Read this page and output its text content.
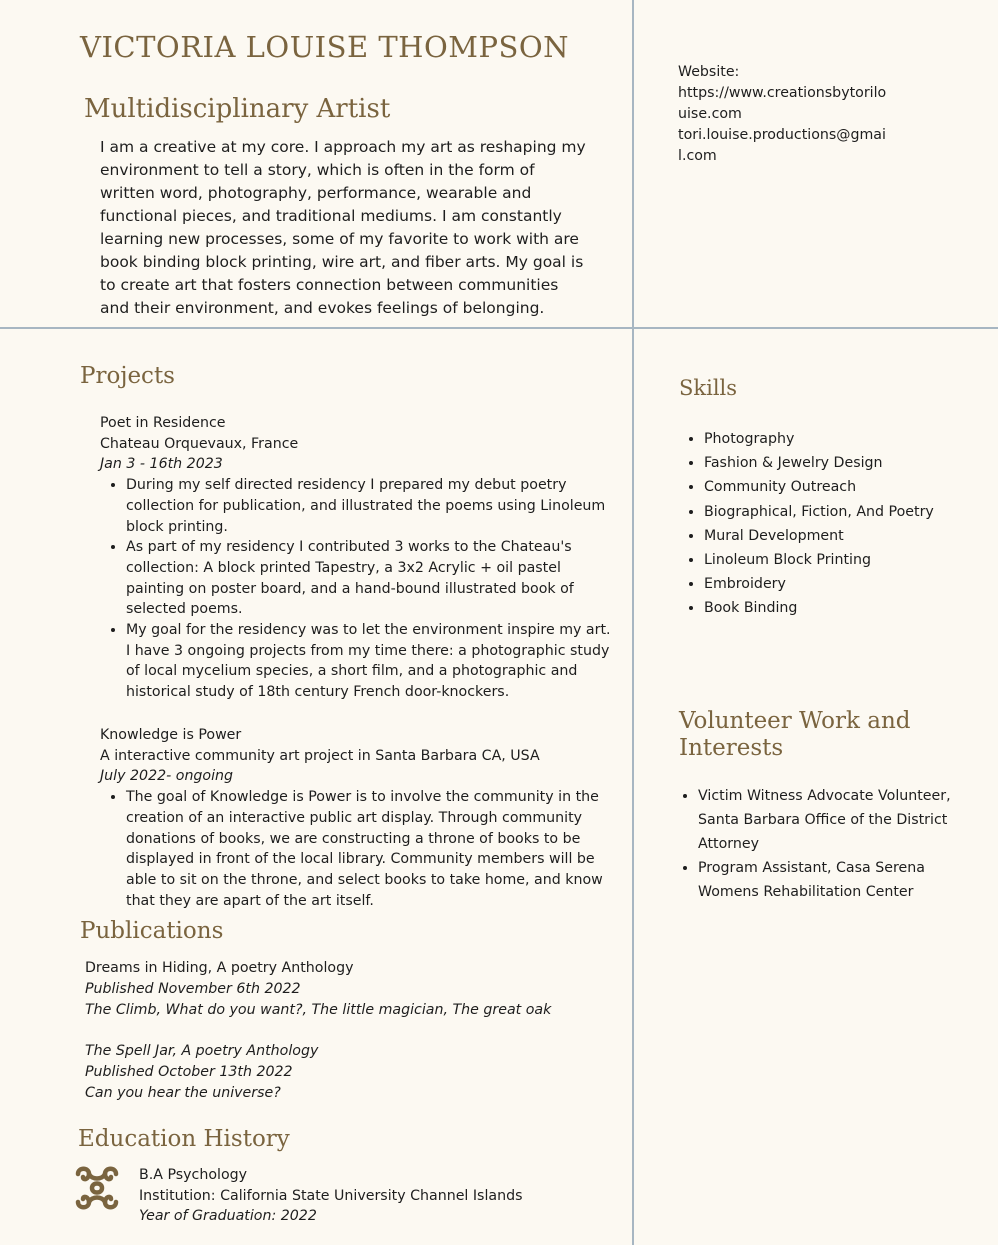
VICTORIA LOUISE THOMPSON
Multidisciplinary Artist

I am a creative at my core. I approach my art as reshaping my environment to tell a story, which is often in the form of written word, photography, performance, wearable and functional pieces, and traditional mediums. I am constantly learning new processes, some of my favorite to work with are book binding block printing, wire art, and fiber arts. My goal is to create art that fosters connection between communities and their environment, and evokes feelings of belonging.

Website:
https://www.creationsbytorilouise.com
tori.louise.productions@gmail.com
Projects
Poet in Residence
Chateau Orquevaux, France
Jan 3 - 16th 2023
• During my self directed residency I prepared my debut poetry collection for publication, and illustrated the poems using Linoleum block printing.
• As part of my residency I contributed 3 works to the Chateau's collection: A block printed Tapestry, a 3x2 Acrylic + oil pastel painting on poster board, and a hand-bound illustrated book of selected poems.
• My goal for the residency was to let the environment inspire my art. I have 3 ongoing projects from my time there: a photographic study of local mycelium species, a short film, and a photographic and historical study of 18th century French door-knockers.
Knowledge is Power
A interactive community art project in Santa Barbara CA, USA
July 2022- ongoing
• The goal of Knowledge is Power is to involve the community in the creation of an interactive public art display. Through community donations of books, we are constructing a throne of books to be displayed in front of the local library. Community members will be able to sit on the throne, and select books to take home, and know that they are apart of the art itself.
Publications
Dreams in Hiding, A poetry Anthology
Published November 6th 2022
The Climb, What do you want?, The little magician, The great oak
The Spell Jar, A poetry Anthology
Published October 13th 2022
Can you hear the universe?
Education History
B.A Psychology
Institution: California State University Channel Islands
Year of Graduation: 2022
Skills
• Photography
• Fashion & Jewelry Design
• Community Outreach
• Biographical, Fiction, And Poetry
• Mural Development
• Linoleum Block Printing
• Embroidery
• Book Binding
Volunteer Work and Interests
• Victim Witness Advocate Volunteer, Santa Barbara Office of the District Attorney
• Program Assistant, Casa Serena Womens Rehabilitation Center
